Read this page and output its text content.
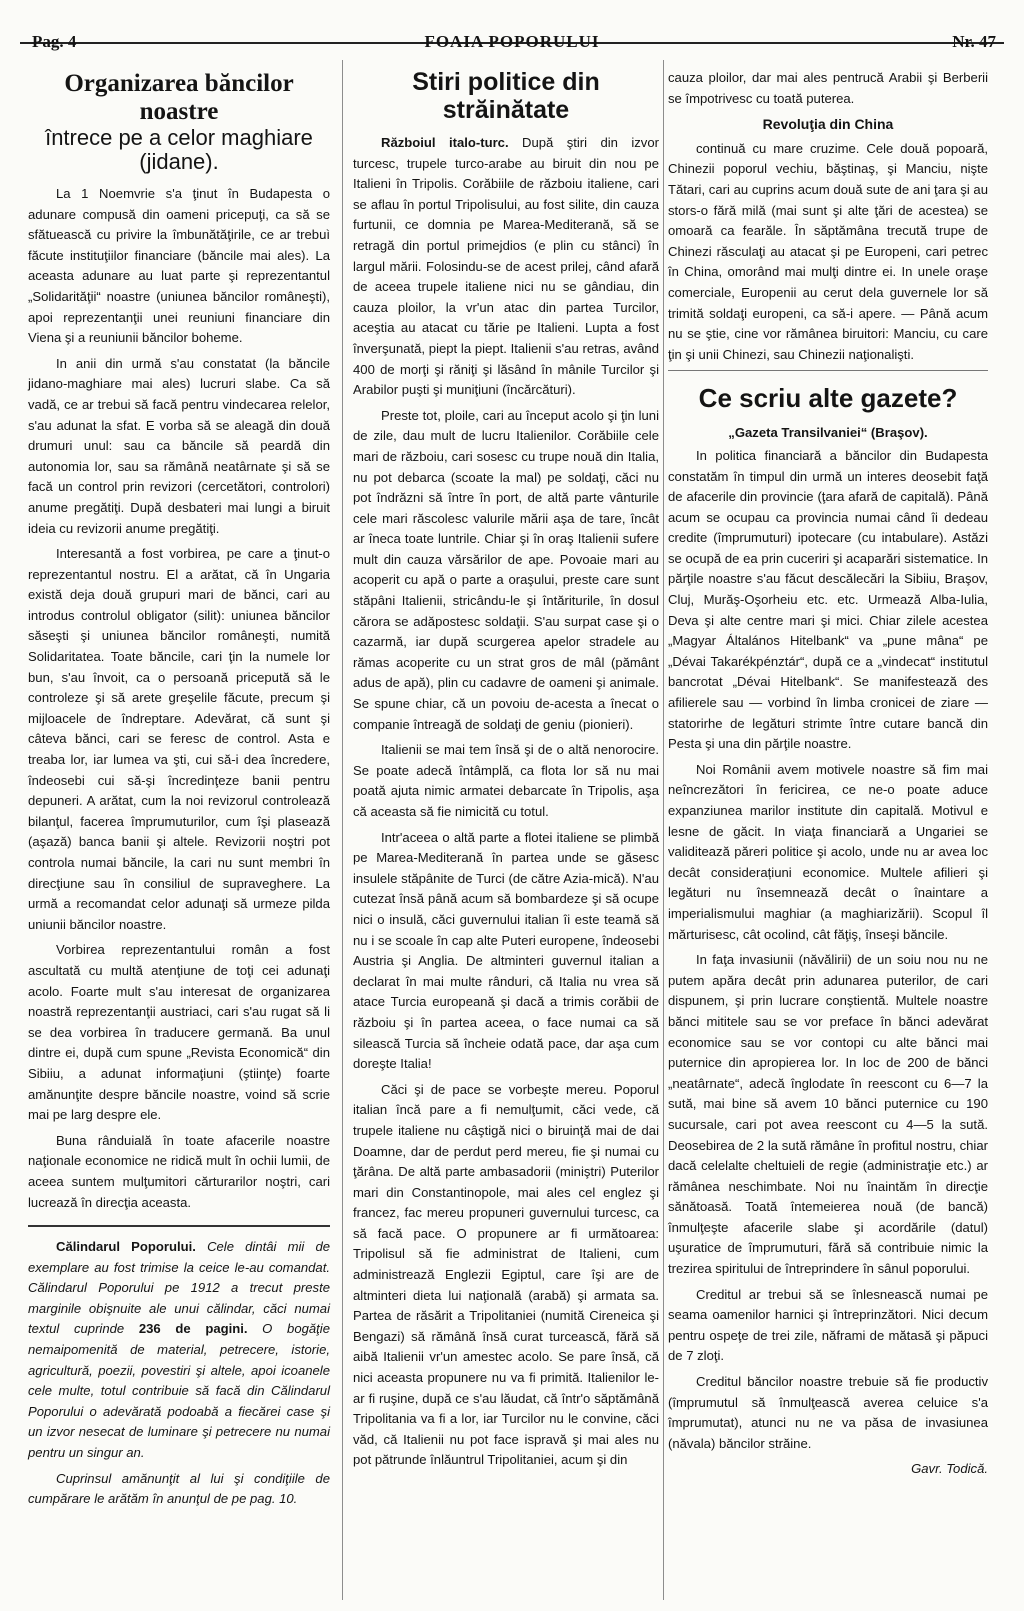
Pag. 4	FOAIA POPORULUI	Nr. 47
Organizarea băncilor noastre
întrece pe a celor maghiare (jidane).

La 1 Noemvrie s'a ţinut în Budapesta o adunare compusă din oameni pricepuţi, ca să se sfătuească cu privire la îmbunătăţirile, ce ar trebuì făcute instituţiilor financiare (băncile mai ales). La aceasta adunare au luat parte şi reprezentantul „Solidarităţii“ noastre (uniunea băncilor româneşti), apoi reprezentanţii unei reuniuni financiare din Viena şi a reuniunii băncilor boheme.

In anii din urmă s'au constatat (la băncile jidano-maghiare mai ales) lucruri slabe. Ca să vadă, ce ar trebui să facă pentru vindecarea relelor, s'au adunat la sfat. E vorba să se aleagă din două drumuri unul: sau ca băncile să peardă din autonomia lor, sau sa rămână neatârnate şi să se facă un control prin revizori (cercetători, controlori) anume pregătiţi. După desbateri mai lungi a biruit ideia cu revizorii anume pregătiţi.

Interesantă a fost vorbirea, pe care a ţinut-o reprezentantul nostru. El a arătat, că în Ungaria există deja două grupuri mari de bănci, cari au introdus controlul obligator (silit): uniunea băncilor săseşti şi uniunea băncilor româneşti, numită Solidaritatea. Toate băncile, cari ţin la numele lor bun, s'au învoit, ca o persoană pricepută să le controleze şi să arete greşelile făcute, precum şi mijloacele de îndreptare. Adevărat, că sunt şi câteva bănci, cari se feresc de control. Asta e treaba lor, iar lumea va şti, cui să-i dea încredere, îndeosebi cui să-şi încredinţeze banii pentru depuneri. A arătat, cum la noi revizorul controlează bilanţul, facerea împrumuturilor, cum îşi plasează (aşază) banca banii şi altele. Revizorii noştri pot controla numai băncile, la cari nu sunt membri în direcţiune sau în consiliul de supraveghere. La urmă a recomandat celor adunaţi să urmeze pilda uniunii băncilor noastre.

Vorbirea reprezentantului român a fost ascultată cu multă atenţiune de toţi cei adunaţi acolo. Foarte mult s'au interesat de organizarea noastră reprezentanţii austriaci, cari s'au rugat să li se dea vorbirea în traducere germană. Ba unul dintre ei, după cum spune „Revista Economică“ din Sibiiu, a adunat informaţiuni (ştiinţe) foarte amănunţite despre băncile noastre, voind să scrie mai pe larg despre ele.

Buna rânduială în toate afacerile noastre naţionale economice ne ridică mult în ochii lumii, de aceea suntem mulţumitori cărturarilor noştri, cari lucrează în direcţia aceasta.

Călindarul Poporului. Cele dintâi mii de exemplare au fost trimise la ceice le-au comandat. Călindarul Poporului pe 1912 a trecut preste marginile obişnuite ale unui călindar, căci numai textul cuprinde 236 de pagini. O bogăţie nemaipomenită de material, petrecere, istorie, agricultură, poezii, povestiri şi altele, apoi icoanele cele multe, totul contribuie să facă din Călindarul Poporului o adevărată podoabă a fiecărei case şi un izvor nesecat de luminare şi petrecere nu numai pentru un singur an.

Cuprinsul amănunţit al lui şi condiţiile de cumpărare le arătăm în anunţul de pe pag. 10.

Stiri politice din străinătate

Războiul italo-turc. După ştiri din izvor turcesc, trupele turco-arabe au biruit din nou pe Italieni în Tripolis. Corăbiile de războiu italiene, cari se aflau în portul Tripolisului, au fost silite, din cauza furtunii, ce domnia pe Marea-Mediterană, să se retragă din portul primejdios (e plin cu stânci) în largul mării. Folosindu-se de acest prilej, când afară de aceea trupele italiene nici nu se gândiau, din cauza ploilor, la vr'un atac din partea Turcilor, aceştia au atacat cu tărie pe Italieni. Lupta a fost înverşunată, piept la piept. Italienii s'au retras, având 400 de morţi şi răniţi şi lăsând în mânile Turcilor şi Arabilor puşti şi muniţiuni (încărcături).

Preste tot, ploile, cari au început acolo şi ţin luni de zile, dau mult de lucru Italienilor. Corăbiile cele mari de războiu, cari sosesc cu trupe nouă din Italia, nu pot debarca (scoate la mal) pe soldaţi, căci nu pot îndrăzni să între în port, de altă parte vânturile cele mari răscolesc valurile mării aşa de tare, încât ar îneca toate luntrile. Chiar şi în oraş Italienii sufere mult din cauza vărsărilor de ape. Povoaie mari au acoperit cu apă o parte a oraşului, preste care sunt stăpâni Italienii, stricându-le şi întăriturile, în dosul cărora se adăpostesc soldaţii. S'au surpat case şi o cazarmă, iar după scurgerea apelor stradele au rămas acoperite cu un strat gros de mâl (pământ adus de apă), plin cu cadavre de oameni şi animale. Se spune chiar, că un povoiu de-acesta a înecat o companie întreagă de soldaţi de geniu (pionieri).

Italienii se mai tem însă şi de o altă nenorocire. Se poate adecă întâmplă, ca flota lor să nu mai poată ajuta nimic armatei debarcate în Tripolis, aşa că aceasta să fie nimicită cu totul.

Intr'aceea o altă parte a flotei italiene se plimbă pe Marea-Mediterană în partea unde se găsesc insulele stăpânite de Turci (de către Azia-mică). N'au cutezat însă până acum să bombardeze şi să ocupe nici o insulă, căci guvernului italian îi este teamă să nu i se scoale în cap alte Puteri europene, îndeosebi Austria şi Anglia. De altminteri guvernul italian a declarat în mai multe rânduri, că Italia nu vrea să atace Turcia europeană şi dacă a trimis corăbii de războiu şi în partea aceea, o face numai ca să silească Turcia să încheie odată pace, dar aşa cum doreşte Italia!

Căci şi de pace se vorbeşte mereu. Poporul italian încă pare a fi nemulţumit, căci vede, că trupele italiene nu câştigă nici o biruinţă mai de dai Doamne, dar de perdut perd mereu, fie şi numai cu ţărâna. De altă parte ambasadorii (miniştri) Puterilor mari din Constantinopole, mai ales cel englez şi francez, fac mereu propuneri guvernului turcesc, ca să facă pace. O propunere ar fi următoarea: Tripolisul să fie administrat de Italieni, cum administrează Englezii Egiptul, care îşi are de altminteri dieta lui naţională (arabă) şi armata sa. Partea de răsărit a Tripolitaniei (numită Cireneica şi Bengazi) să rămână însă curat turcească, fără să aibă Italienii vr'un amestec acolo. Se pare însă, că nici aceasta propunere nu va fi primită. Italienilor le-ar fi ruşine, după ce s'au lăudat, că într'o săptămână Tripolitania va fi a lor, iar Turcilor nu le convine, căci văd, că Italienii nu pot face ispravă şi mai ales nu pot pătrunde înlăuntrul Tripolitaniei, acum şi din

cauza ploilor, dar mai ales pentrucă Arabii şi Berberii se împotrivesc cu toată puterea.

Revoluţia din China

continuă cu mare cruzime. Cele două popoară, Chinezii poporul vechiu, băştinaş, şi Manciu, nişte Tătari, cari au cuprins acum două sute de ani ţara şi au stors-o fără milă (mai sunt şi alte ţări de acestea) se omoară ca fearăle. În săptămâna trecută trupe de Chinezi răsculaţi au atacat şi pe Europeni, cari petrec în China, omorând mai mulţi dintre ei. In unele oraşe comerciale, Europenii au cerut dela guvernele lor să trimită soldaţi europeni, ca să-i apere. — Până acum nu se ştie, cine vor rămânea biruitori: Manciu, cu care ţin şi unii Chinezi, sau Chinezii naţionalişti.

Ce scriu alte gazete?
„Gazeta Transilvaniei“ (Braşov).

In politica financiară a băncilor din Budapesta constatăm în timpul din urmă un interes deosebit faţă de afacerile din provincie (ţara afară de capitală). Până acum se ocupau ca provincia numai când îi dedeau credite (împrumuturi) ipotecare (cu intabulare). Astăzi se ocupă de ea prin cuceriri şi acaparări sistematice. In părţile noastre s'au făcut descălecări la Sibiiu, Braşov, Cluj, Murăş-Oşorheiu etc. etc. Urmează Alba-Iulia, Deva şi alte centre mari şi mici. Chiar zilele acestea „Magyar Általános Hitelbank“ va „pune mâna“ pe „Dévai Takarékpénztár“, după ce a „vindecat“ institutul bancrotat „Dévai Hitelbank“. Se manifestează des afilierele sau — vorbind în limba cronicei de ziare — statorirhe de legături strimte între cutare bancă din Pesta şi una din părţile noastre.

Noi Românii avem motivele noastre să fim mai neîncrezători în fericirea, ce ne-o poate aduce expanziunea marilor institute din capitală. Motivul e lesne de găcit. In viaţa financiară a Ungariei se validitează păreri politice şi acolo, unde nu ar avea loc decât considerațiuni economice. Multele afilieri şi legături nu însemnează decât o înaintare a imperialismului maghiar (a maghiarizării). Scopul îl mărturisesc, cât ocolind, cât făţiş, înseşi băncile.

In faţa invasiunii (năvălirii) de un soiu nou nu ne putem apăra decât prin adunarea puterilor, de cari dispunem, şi prin lucrare conştientă. Multele noastre bănci mititele sau se vor preface în bănci adevărat economice sau se vor contopi cu alte bănci mai puternice din apropierea lor. In loc de 200 de bănci „neatârnate“, adecă înglodate în reescont cu 6—7 la sută, mai bine să avem 10 bănci puternice cu 190 sucursale, cari pot avea reescont cu 4—5 la sută. Deosebirea de 2 la sută rămâne în profitul nostru, chiar dacă celelalte cheltuieli de regie (administraţie etc.) ar rămânea neschimbate. Noi nu înaintăm în direcţie sănătoasă. Toată întemeierea nouă (de bancă) înmulţeşte afacerile slabe şi acordările (datul) uşuratice de împrumuturi, fără să contribuie nimic la trezirea spiritului de întreprindere în sânul poporului.

Creditul ar trebui să se înlesnească numai pe seama oamenilor harnici şi întreprinzători. Nici decum pentru ospeţe de trei zile, năframi de mătasă şi păpuci de 7 zloţi.

Creditul băncilor noastre trebuie să fie productiv (împrumutul să înmulţească averea celuice s'a împrumutat), atunci nu ne va păsa de invasiunea (năvala) băncilor străine.

Gavr. Todică.
